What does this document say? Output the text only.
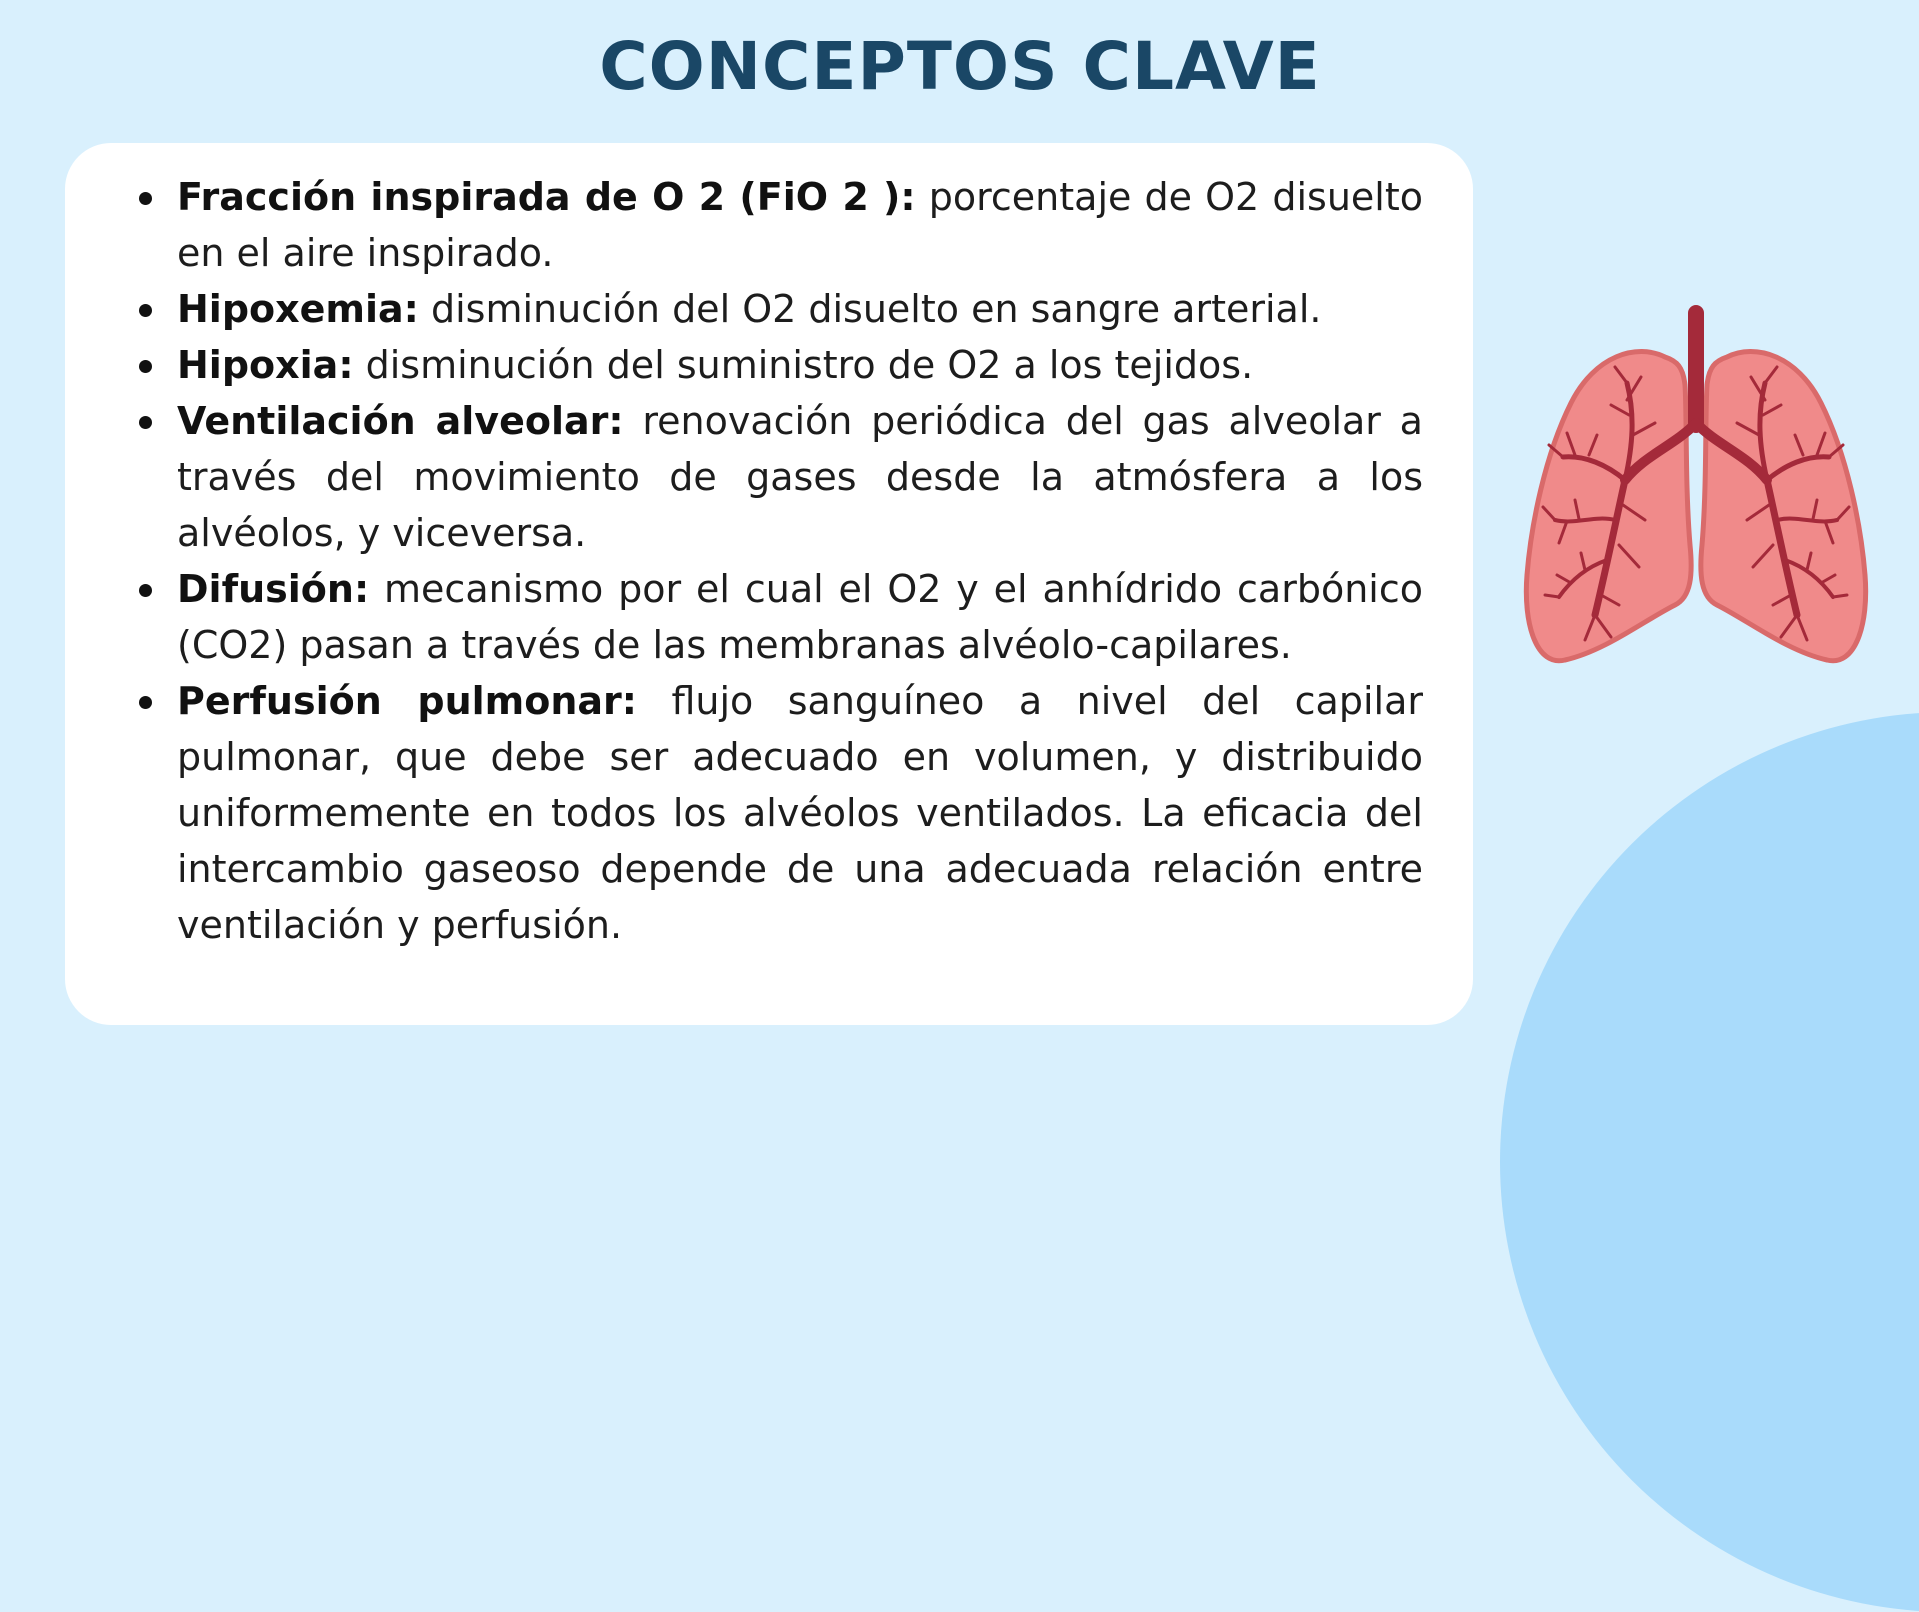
CONCEPTOS CLAVE
Fracción inspirada de O 2 (FiO 2 ): porcentaje de O2 disuelto en el aire inspirado.
Hipoxemia: disminución del O2 disuelto en sangre arterial.
Hipoxia: disminución del suministro de O2 a los tejidos.
Ventilación alveolar: renovación periódica del gas alveolar a través del movimiento de gases desde la atmósfera a los alvéolos, y viceversa.
Difusión: mecanismo por el cual el O2 y el anhídrido carbónico (CO2) pasan a través de las membranas alvéolo-capilares.
Perfusión pulmonar: flujo sanguíneo a nivel del capilar pulmonar, que debe ser adecuado en volumen, y distribuido uniformemente en todos los alvéolos ventilados. La eficacia del intercambio gaseoso depende de una adecuada relación entre ventilación y perfusión.
